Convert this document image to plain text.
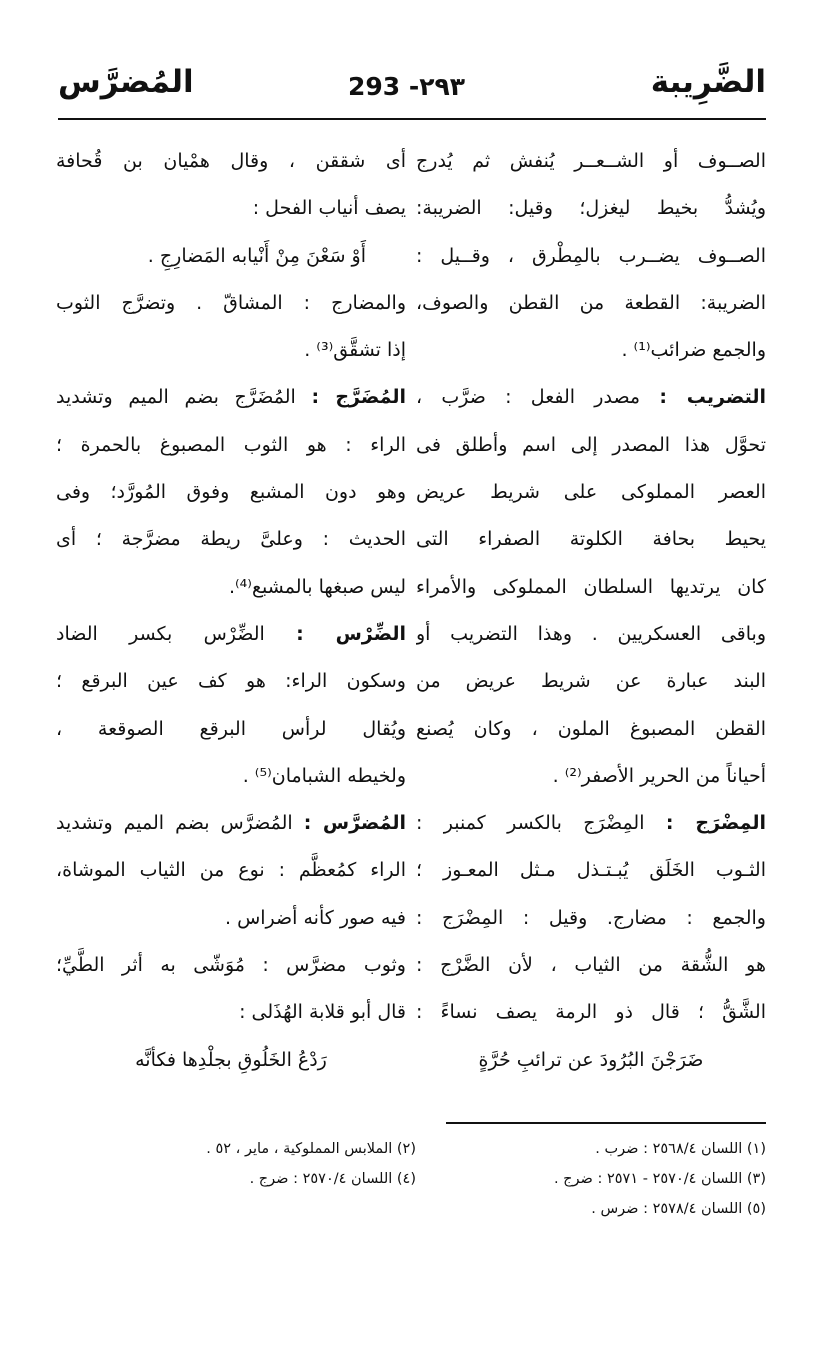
الضَّرِيبة
293 -٢٩٣
المُضرَّس
الصــوف أو الشــعــر يُنفش ثم يُدرج
ويُشدُّ بخيط ليغزل؛ وقيل: الضريبة:
الصــوف يضــرب بالمِطْرق ، وقــيل :
الضريبة: القطعة من القطن والصوف،
والجمع ضرائب⁽¹⁾ .
التضريب : مصدر الفعل : ضرَّب ،
تحوَّل هذا المصدر إلى اسم وأطلق فى
العصر المملوكى على شريط عريض
يحيط بحافة الكلوتة الصفراء التى
كان يرتديها السلطان المملوكى والأمراء
وباقى العسكريين . وهذا التضريب أو
البند عبارة عن شريط عريض من
القطن المصبوغ الملون ، وكان يُصنع
أحياناً من الحرير الأصفر⁽²⁾ .
المِضْرَج : المِضْرَج بالكسر كمنبر :
الثـوب الخَلَق يُبـتـذل مـثل المعـوز ؛
والجمع : مضارج. وقيل : المِضْرَج :
هو الشُّقة من الثياب ، لأن الضَّرْج :
الشَّقُّ ؛ قال ذو الرمة يصف نساءً :
ضَرَجْنَ البُرُودَ عن ترائبِ حُرَّةٍ
أى شققن ، وقال همْيان بن قُحافة
يصف أنياب الفحل :
أَوْ سَعْنَ مِنْ أَنْيابه المَضارِجِ .
والمضارج : المشاقّ . وتضرَّج الثوب
إذا تشقَّق⁽³⁾ .
المُضَرَّج : المُضَرَّج بضم الميم وتشديد
الراء : هو الثوب المصبوغ بالحمرة ؛
وهو دون المشبع وفوق المُورَّد؛ وفى
الحديث : وعلىَّ ريطة مضرَّجة ؛ أى
ليس صبغها بالمشبع⁽⁴⁾.
الضِّرْس : الضِّرْس بكسر الضاد
وسكون الراء: هو كف عين البرقع ؛
ويُقال لرأس البرقع الصوقعة ،
ولخيطه الشبامان⁽⁵⁾ .
المُضرَّس : المُضرَّس بضم الميم وتشديد
الراء كمُعظَّم : نوع من الثياب الموشاة،
فيه صور كأنه أضراس .
وثوب مضرَّس : مُوَشّى به أثر الطَّيِّ؛
قال أبو قلابة الهُذَلى :
رَدْعُ الخَلُوقِ بجلْدِها فكأنَّه
(١) اللسان ٢٥٦٨/٤ : ضرب .
(٣) اللسان ٢٥٧٠/٤ - ٢٥٧١ : ضرج .
(٥) اللسان ٢٥٧٨/٤ : ضرس .
(٢) الملابس المملوكية ، ماير ، ٥٢ .
(٤) اللسان ٢٥٧٠/٤ : ضرج .
